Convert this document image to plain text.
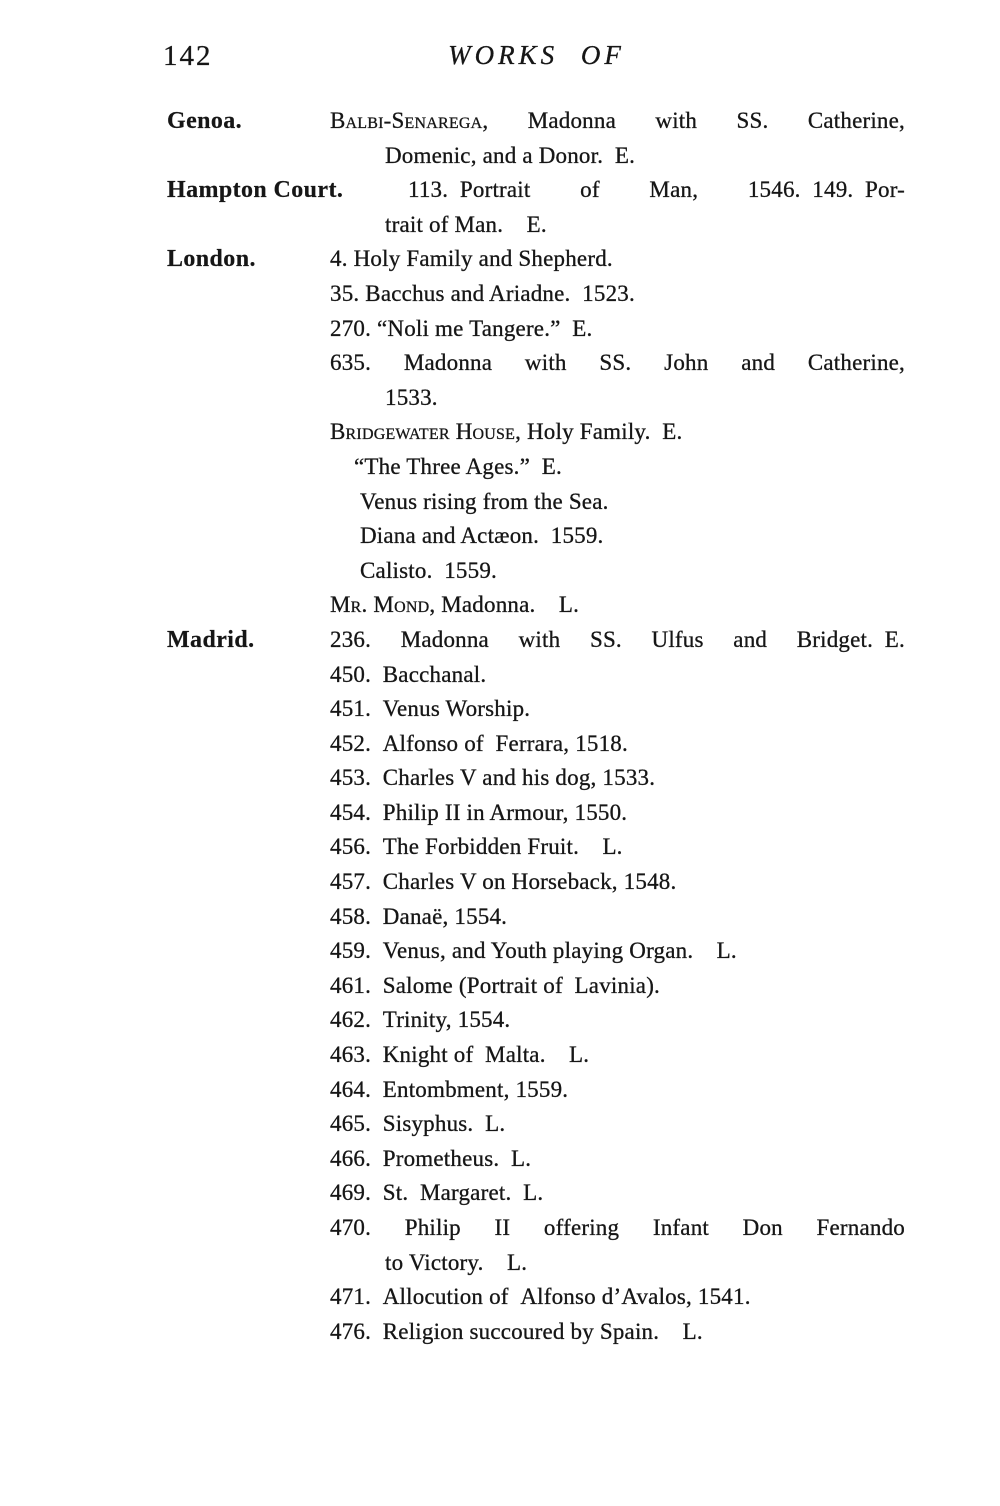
142	WORKS OF
Genoa.
Hampton Court.
London.
Madrid.
Balbi-Senarega, Madonna with SS. Catherine,
Domenic, and a Donor. E.
113. Portrait of Man, 1546. 149. Por-
trait of Man.  E.
4. Holy Family and Shepherd.
35. Bacchus and Ariadne. 1523.
270. “Noli me Tangere.” E.
635. Madonna with SS. John and Catherine,
1533.
Bridgewater House, Holy Family. E.
“The Three Ages.” E.
Venus rising from the Sea.
Diana and Actæon. 1559.
Calisto. 1559.
Mr. Mond, Madonna.  L.
236. Madonna with SS. Ulfus and Bridget. E.
450. Bacchanal.
451. Venus Worship.
452. Alfonso of Ferrara, 1518.
453. Charles V and his dog, 1533.
454. Philip II in Armour, 1550.
456. The Forbidden Fruit.  L.
457. Charles V on Horseback, 1548.
458. Danaë, 1554.
459. Venus, and Youth playing Organ.  L.
461. Salome (Portrait of Lavinia).
462. Trinity, 1554.
463. Knight of Malta.  L.
464. Entombment, 1559.
465. Sisyphus. L.
466. Prometheus. L.
469. St. Margaret. L.
470. Philip II offering Infant Don Fernando
to Victory.  L.
471. Allocution of Alfonso d’Avalos, 1541.
476. Religion succoured by Spain.  L.
